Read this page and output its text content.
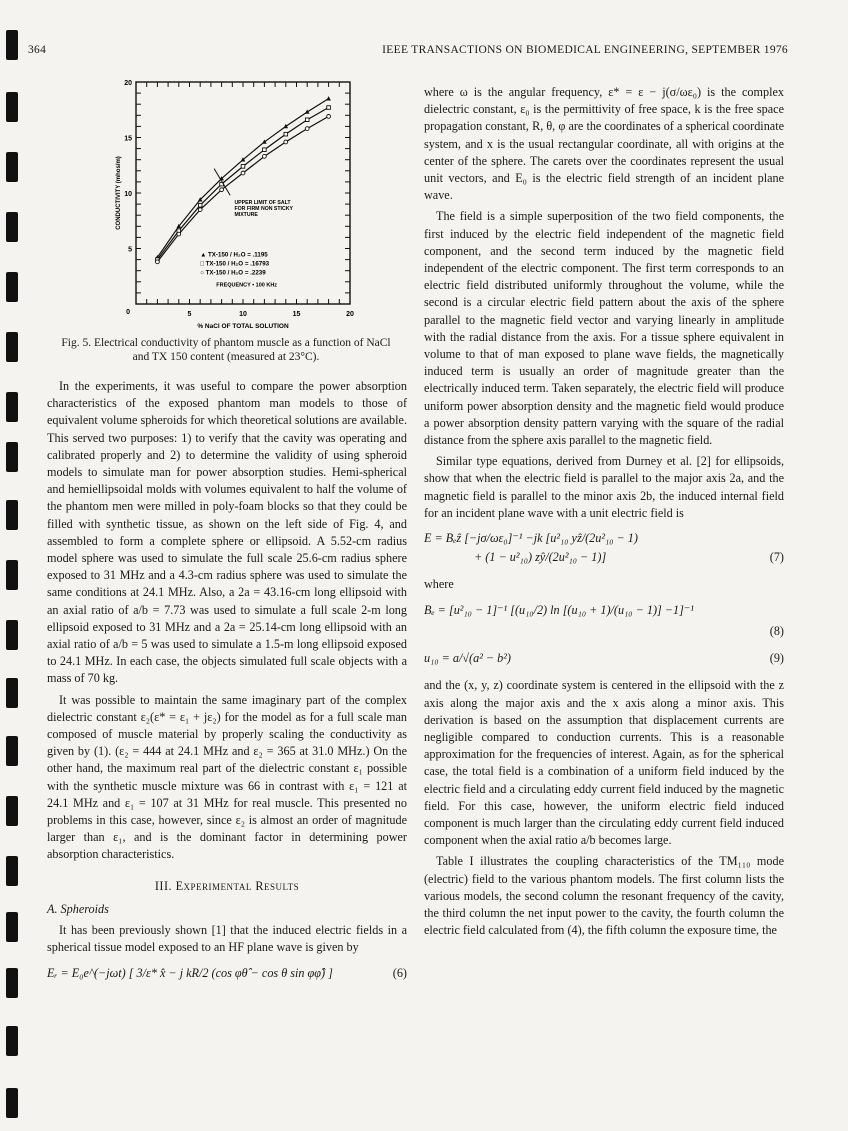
364	IEEE TRANSACTIONS ON BIOMEDICAL ENGINEERING, SEPTEMBER 1976
5	10	15	20
0
5
10
15
20
% NaCl OF TOTAL SOLUTION
CONDUCTIVITY (mhos/m)	UPPER LIMIT OF SALT FOR FIRM NON STICKY MIXTURE
▲ TX-150 / H₂O = .1195
□ TX-150 / H₂O = .16793
○ TX-150 / H₂O = .2239
FREQUENCY • 100 KHz
Fig. 5. Electrical conductivity of phantom muscle as a function of NaCl and TX 150 content (measured at 23°C).

In the experiments, it was useful to compare the power absorption characteristics of the exposed phantom man models to those of equivalent volume spheroids for which theoretical solutions are available. This served two purposes: 1) to verify that the cavity was operating and calibrated properly and 2) to determine the validity of using spheroid models to simulate man for power absorption studies. Hemi-spherical and hemiellipsoidal molds with volumes equivalent to half the volume of the phantom men were milled in poly-foam blocks so that they could be filled with synthetic tissue, as shown on the left side of Fig. 4, and assembled to form a complete sphere or ellipsoid. A 5.52-cm radius model sphere was used to simulate the full scale 25.6-cm radius sphere exposed to 31 MHz and a 4.3-cm radius sphere was used to simulate the same conditions at 24.1 MHz. Also, a 2a = 43.16-cm long ellipsoid with an axial ratio of a/b = 7.73 was used to simulate a full scale 2-m long ellipsoid exposed to 31 MHz and a 2a = 25.14-cm long ellipsoid with an axial ratio of a/b = 5 was used to simulate a 1.5-m long ellipsoid exposed to 24.1 MHz. In each case, the objects simulated full scale objects with a mass of 70 kg.

It was possible to maintain the same imaginary part of the complex dielectric constant ε₂(ε* = ε₁ + jε₂) for the model as for a full scale man composed of muscle material by properly scaling the conductivity as given by (1). (ε₂ = 444 at 24.1 MHz and ε₂ = 365 at 31.0 MHz.) On the other hand, the maximum real part of the dielectric constant ε₁ possible with the synthetic muscle mixture was 66 in contrast with ε₁ = 121 at 24.1 MHz and ε₁ = 107 at 31 MHz for real muscle. This presented no problems in this case, however, since ε₂ is almost an order of magnitude larger than ε₁, and is the dominant factor in determining power absorption characteristics.

III. Experimental Results
A. Spheroids

It has been previously shown [1] that the induced electric fields in a spherical tissue model exposed to an HF plane wave is given by

Eᵣ = E₀e^(−jωt) [ 3/ε* x̂ − j kR/2 (cos φθ̂ − cos θ sin φφ̂) ]	(6)

where ω is the angular frequency, ε* = ε − j(σ/ωε₀) is the complex dielectric constant, ε₀ is the permittivity of free space, k is the free space propagation constant, R, θ, φ are the coordinates of a spherical coordinate system, and x is the usual rectangular coordinate, all with origins at the center of the sphere. The carets over the coordinates represent the usual unit vectors, and E₀ is the electric field strength of an incident plane wave.

The field is a simple superposition of the two field components, the first induced by the electric field independent of the magnetic field component, and the second term induced by the magnetic field independent of the electric component. The first term corresponds to an electric field distributed uniformly throughout the volume, while the second is a circular electric field pattern about the axis of the sphere parallel to the magnetic field vector and varying linearly in amplitude with the radial distance from the axis. For a tissue sphere equivalent in volume to that of man exposed to plane wave fields, the magnetically induced term is usually an order of magnitude greater than the electrically induced term. Taken separately, the electric field will produce uniform power absorption density and the magnetic field would produce a power absorption density pattern varying with the square of the radial distance from the sphere axis parallel to the magnetic field.

Similar type equations, derived from Durney et al. [2] for ellipsoids, show that when the electric field is parallel to the major axis 2a, and the magnetic field is parallel to the minor axis 2b, the induced internal field for an incident plane wave with a unit electric field is

E = Bₑẑ [−jσ/ωε₀]⁻¹ −jk [u²₁₀ yẑ/(2u²₁₀ − 1)
+ (1 − u²₁₀) zŷ/(2u²₁₀ − 1)]	(7)
where
Bₑ = [u²₁₀ − 1]⁻¹ [(u₁₀/2) ln [(u₁₀ + 1)/(u₁₀ − 1)] −1]⁻¹
(8)
u₁₀ = a/√(a² − b²)	(9)

and the (x, y, z) coordinate system is centered in the ellipsoid with the z axis along the major axis and the x axis along a minor axis. This derivation is based on the assumption that displacement currents are negligible compared to conduction currents. This is a reasonable approximation for the frequencies of interest. Again, as for the spherical case, the total field is a combination of a uniform field induced by the electric field and a circulating eddy current field induced by the magnetic field. For this case, however, the uniform electric field induced component is much larger than the circulating eddy current field induced component when the axial ratio a/b becomes large.

Table I illustrates the coupling characteristics of the TM₁₁₀ mode (electric) field to the various phantom models. The first column lists the various models, the second column the resonant frequency of the cavity, the third column the net input power to the cavity, the fourth column the electric field calculated from (4), the fifth column the exposure time, the
